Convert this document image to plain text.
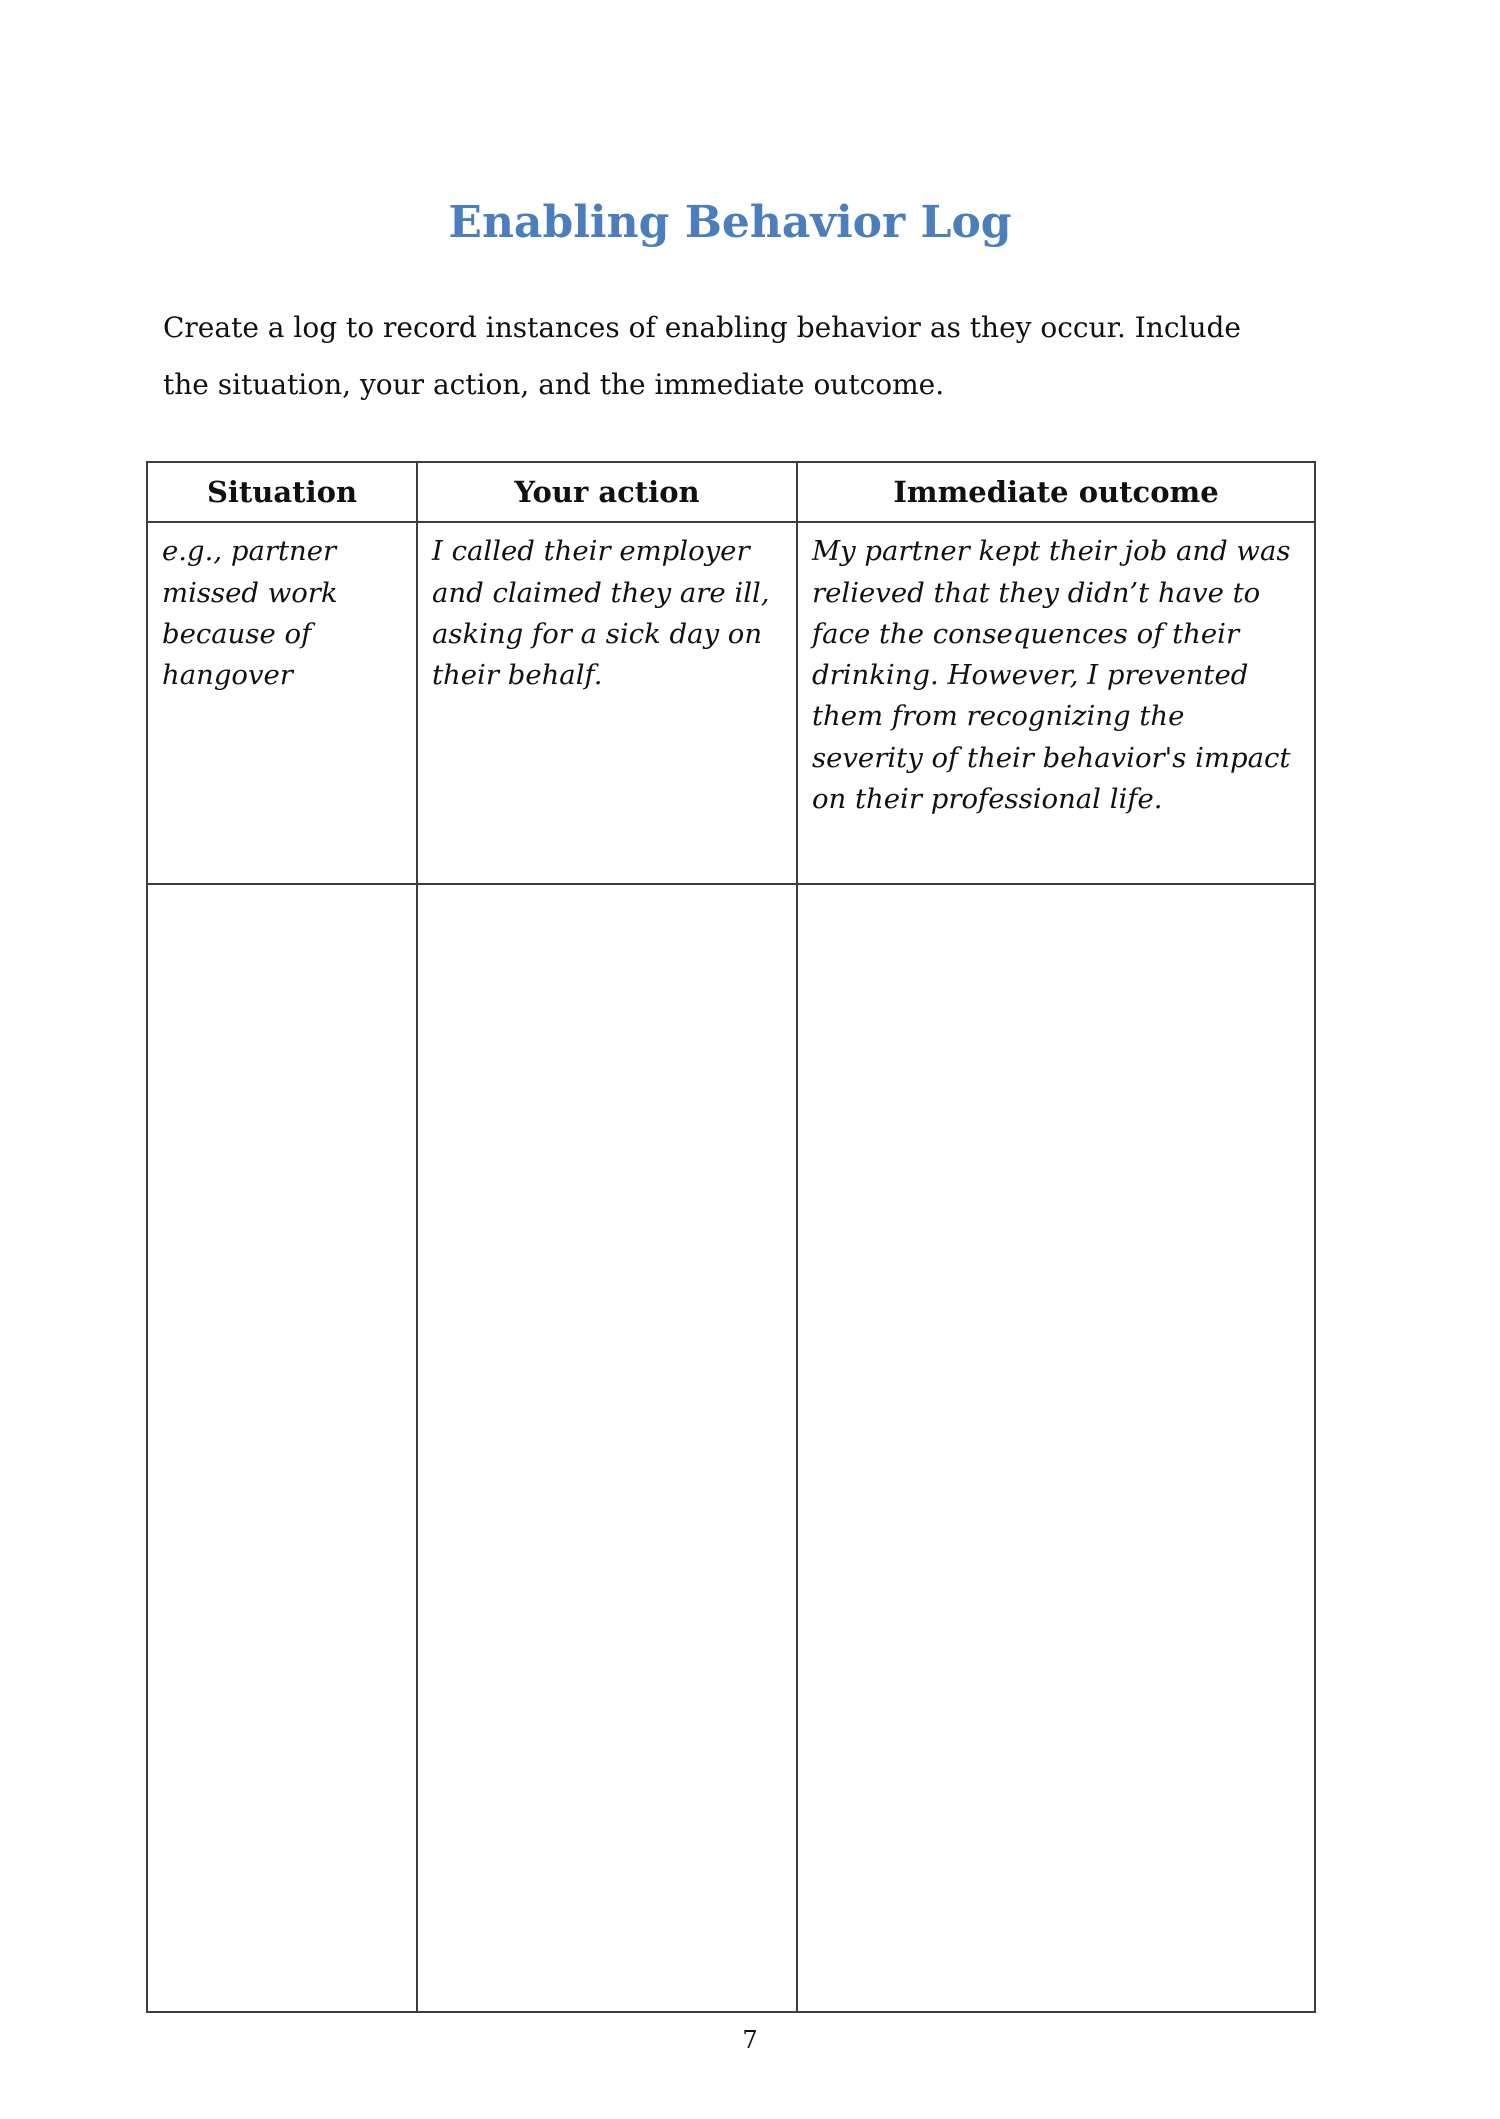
Enabling Behavior Log

Create a log to record instances of enabling behavior as they occur. Include
the situation, your action, and the immediate outcome.

Situation	Your action	Immediate outcome
e.g., partner missed work because of hangover	I called their employer and claimed they are ill, asking for a sick day on their behalf.	My partner kept their job and was relieved that they didn’t have to face the consequences of their drinking. However, I prevented them from recognizing the severity of their behavior's impact on their professional life.

7
